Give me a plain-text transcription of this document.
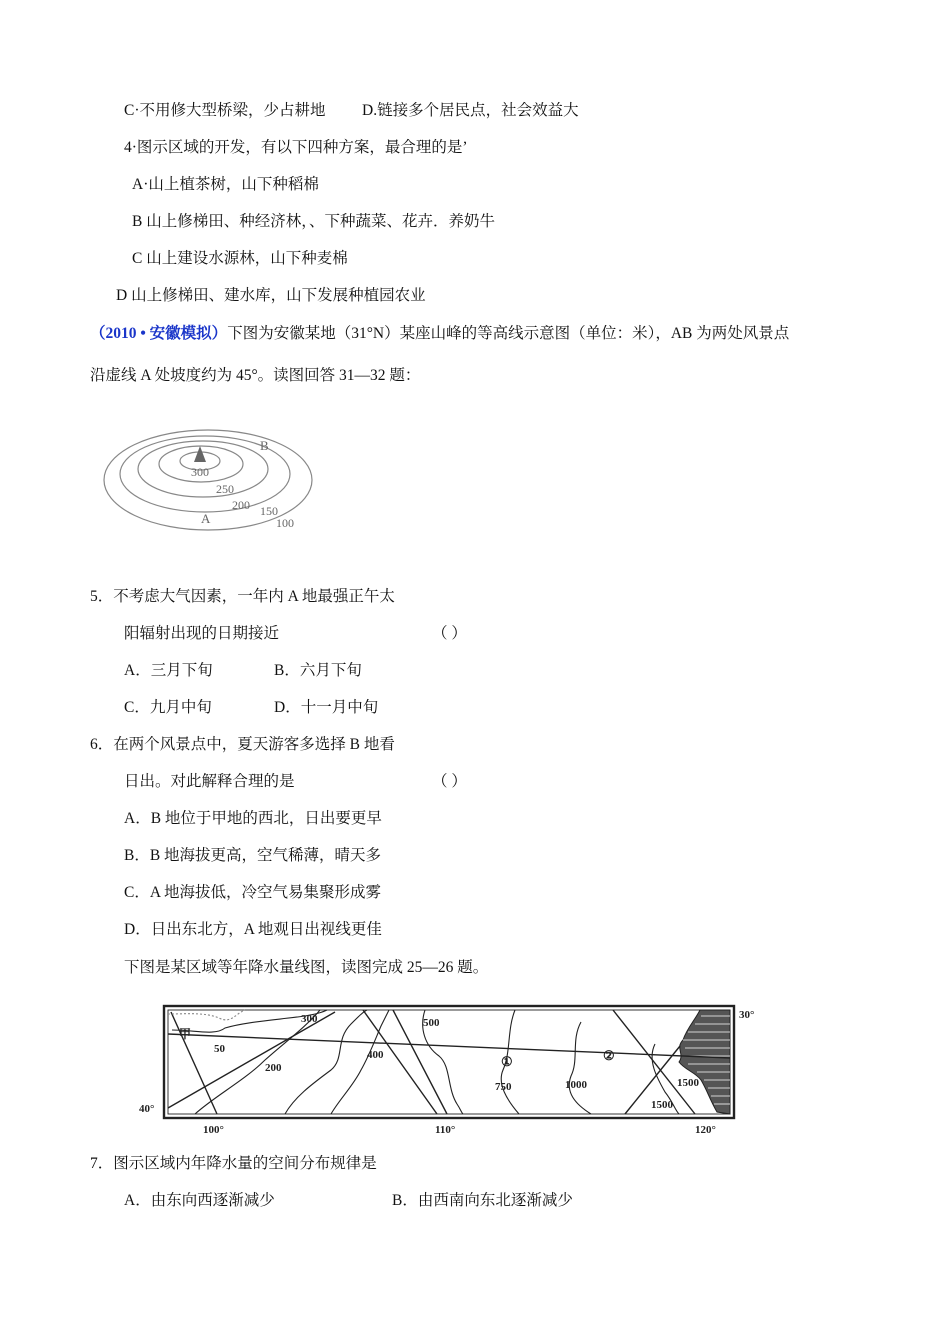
C·不用修大型桥梁，少占耕地 D.链接多个居民点，社会效益大
4·图示区域的开发，有以下四种方案，最合理的是’
A·山上植茶树，山下种稻棉
B 山上修梯田、种经济林，、下种蔬菜、花卉．养奶牛
C 山上建设水源林，山下种麦棉
D 山上修梯田、建水库，山下发展种植园农业
（2010 • 安徽模拟）下图为安徽某地（31°N）某座山峰的等高线示意图（单位：米），AB 为两处风景点
沿虚线 A 处坡度约为 45°。读图回答 31—32 题：
300
250
200 150
100
A
B
5．不考虑大气因素，一年内 A 地最强正午太
阳辐射出现的日期接近	（ ）
A．三月下旬	B．六月下旬
C．九月中旬	D．十一月中旬
6．在两个风景点中，夏天游客多选择 B 地看
日出。对此解释合理的是	（ ）
A．B 地位于甲地的西北，日出要更早
B．B 地海拔更高，空气稀薄，晴天多
C．A 地海拔低，冷空气易集聚形成雾
D．日出东北方，A 地观日出视线更佳
下图是某区域等年降水量线图，读图完成 25—26 题。
300	500
50	400
200
750	1000	1500
1500
甲
①	②
30°
40°
100°	110°	120°
7．图示区域内年降水量的空间分布规律是
A．由东向西逐渐减少	B．由西南向东北逐渐减少
